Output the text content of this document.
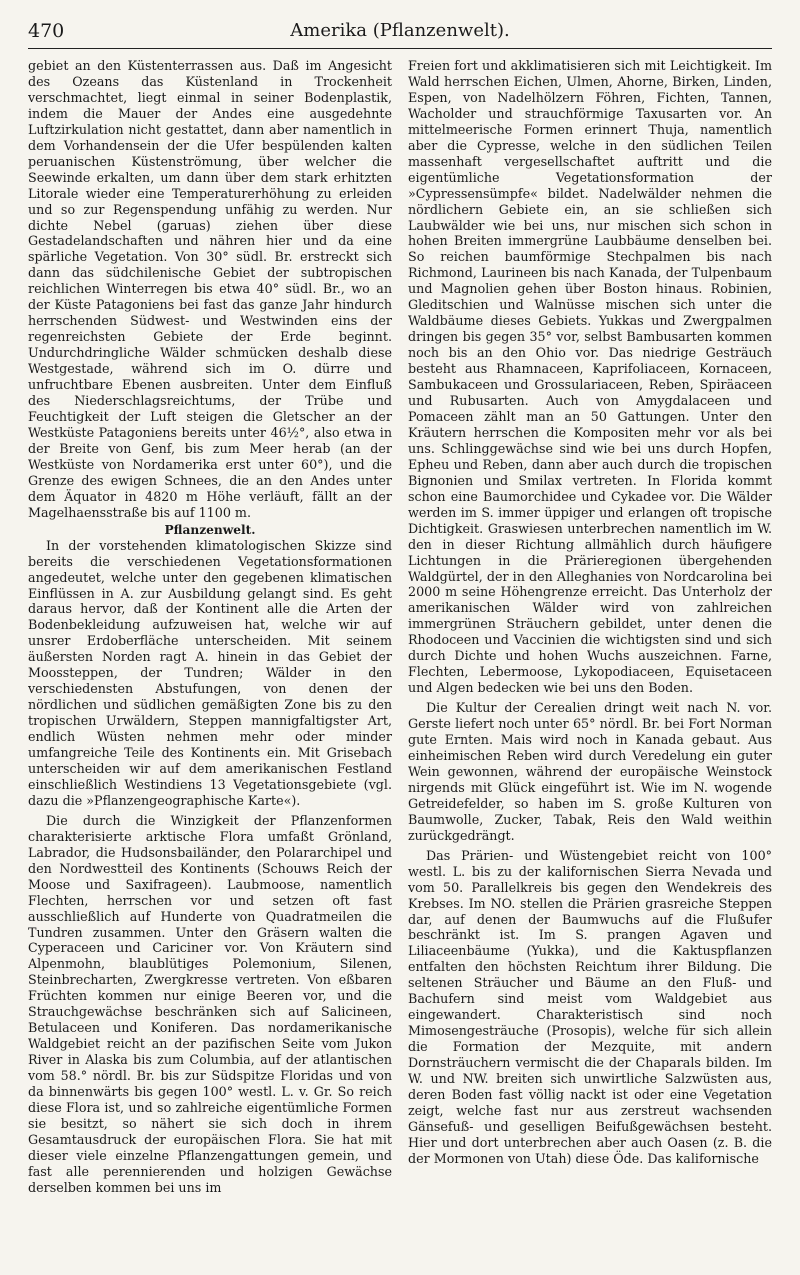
470	Amerika (Pflanzenwelt).

gebiet an den Küstenterrassen aus. Daß im Angesicht des Ozeans das Küstenland in Trockenheit verschmachtet, liegt einmal in seiner Bodenplastik, indem die Mauer der Andes eine ausgedehnte Luftzirkulation nicht gestattet, dann aber namentlich in dem Vorhandensein der die Ufer bespülenden kalten peruanischen Küstenströmung, über welcher die Seewinde erkalten, um dann über dem stark erhitzten Litorale wieder eine Temperaturerhöhung zu erleiden und so zur Regenspendung unfähig zu werden. Nur dichte Nebel (garuas) ziehen über diese Gestadelandschaften und nähren hier und da eine spärliche Vegetation. Von 30° südl. Br. erstreckt sich dann das südchilenische Gebiet der subtropischen reichlichen Winterregen bis etwa 40° südl. Br., wo an der Küste Patagoniens bei fast das ganze Jahr hindurch herrschenden Südwest- und Westwinden eins der regenreichsten Gebiete der Erde beginnt. Undurchdringliche Wälder schmücken deshalb diese Westgestade, während sich im O. dürre und unfruchtbare Ebenen ausbreiten. Unter dem Einfluß des Niederschlagsreichtums, der Trübe und Feuchtigkeit der Luft steigen die Gletscher an der Westküste Patagoniens bereits unter 46½°, also etwa in der Breite von Genf, bis zum Meer herab (an der Westküste von Nordamerika erst unter 60°), und die Grenze des ewigen Schnees, die an den Andes unter dem Äquator in 4820 m Höhe verläuft, fällt an der Magelhaensstraße bis auf 1100 m.

Pflanzenwelt.

In der vorstehenden klimatologischen Skizze sind bereits die verschiedenen Vegetationsformationen angedeutet, welche unter den gegebenen klimatischen Einflüssen in A. zur Ausbildung gelangt sind. Es geht daraus hervor, daß der Kontinent alle die Arten der Bodenbekleidung aufzuweisen hat, welche wir auf unsrer Erdoberfläche unterscheiden. Mit seinem äußersten Norden ragt A. hinein in das Gebiet der Moossteppen, der Tundren; Wälder in den verschiedensten Abstufungen, von denen der nördlichen und südlichen gemäßigten Zone bis zu den tropischen Urwäldern, Steppen mannigfaltigster Art, endlich Wüsten nehmen mehr oder minder umfangreiche Teile des Kontinents ein. Mit Grisebach unterscheiden wir auf dem amerikanischen Festland einschließlich Westindiens 13 Vegetationsgebiete (vgl. dazu die »Pflanzengeographische Karte«).

Die durch die Winzigkeit der Pflanzenformen charakterisierte arktische Flora umfaßt Grönland, Labrador, die Hudsonsbailänder, den Polararchipel und den Nordwestteil des Kontinents (Schouws Reich der Moose und Saxifrageen). Laubmoose, namentlich Flechten, herrschen vor und setzen oft fast ausschließlich auf Hunderte von Quadratmeilen die Tundren zusammen. Unter den Gräsern walten die Cyperaceen und Cariciner vor. Von Kräutern sind Alpenmohn, blaublütiges Polemonium, Silenen, Steinbrecharten, Zwergkresse vertreten. Von eßbaren Früchten kommen nur einige Beeren vor, und die Strauchgewächse beschränken sich auf Salicineen, Betulaceen und Koniferen. Das nordamerikanische Waldgebiet reicht an der pazifischen Seite vom Jukon River in Alaska bis zum Columbia, auf der atlantischen vom 58.° nördl. Br. bis zur Südspitze Floridas und von da binnenwärts bis gegen 100° westl. L. v. Gr. So reich diese Flora ist, und so zahlreiche eigentümliche Formen sie besitzt, so nähert sie sich doch in ihrem Gesamtausdruck der europäischen Flora. Sie hat mit dieser viele einzelne Pflanzengattungen gemein, und fast alle perennierenden und holzigen Gewächse derselben kommen bei uns im

Freien fort und akklimatisieren sich mit Leichtigkeit. Im Wald herrschen Eichen, Ulmen, Ahorne, Birken, Linden, Espen, von Nadelhölzern Föhren, Fichten, Tannen, Wacholder und strauchförmige Taxusarten vor. An mittelmeerische Formen erinnert Thuja, namentlich aber die Cypresse, welche in den südlichen Teilen massenhaft vergesellschaftet auftritt und die eigentümliche Vegetationsformation der »Cypressensümpfe« bildet. Nadelwälder nehmen die nördlichern Gebiete ein, an sie schließen sich Laubwälder wie bei uns, nur mischen sich schon in hohen Breiten immergrüne Laubbäume denselben bei. So reichen baumförmige Stechpalmen bis nach Richmond, Laurineen bis nach Kanada, der Tulpenbaum und Magnolien gehen über Boston hinaus. Robinien, Gleditschien und Walnüsse mischen sich unter die Waldbäume dieses Gebiets. Yukkas und Zwergpalmen dringen bis gegen 35° vor, selbst Bambusarten kommen noch bis an den Ohio vor. Das niedrige Gesträuch besteht aus Rhamnaceen, Kaprifoliaceen, Kornaceen, Sambukaceen und Grossulariaceen, Reben, Spiräaceen und Rubusarten. Auch von Amygdalaceen und Pomaceen zählt man an 50 Gattungen. Unter den Kräutern herrschen die Kompositen mehr vor als bei uns. Schlinggewächse sind wie bei uns durch Hopfen, Epheu und Reben, dann aber auch durch die tropischen Bignonien und Smilax vertreten. In Florida kommt schon eine Baumorchidee und Cykadee vor. Die Wälder werden im S. immer üppiger und erlangen oft tropische Dichtigkeit. Graswiesen unterbrechen namentlich im W. den in dieser Richtung allmählich durch häufigere Lichtungen in die Prärieregionen übergehenden Waldgürtel, der in den Alleghanies von Nordcarolina bei 2000 m seine Höhengrenze erreicht. Das Unterholz der amerikanischen Wälder wird von zahlreichen immergrünen Sträuchern gebildet, unter denen die Rhodoceen und Vaccinien die wichtigsten sind und sich durch Dichte und hohen Wuchs auszeichnen. Farne, Flechten, Lebermoose, Lykopodiaceen, Equisetaceen und Algen bedecken wie bei uns den Boden.

Die Kultur der Cerealien dringt weit nach N. vor. Gerste liefert noch unter 65° nördl. Br. bei Fort Norman gute Ernten. Mais wird noch in Kanada gebaut. Aus einheimischen Reben wird durch Veredelung ein guter Wein gewonnen, während der europäische Weinstock nirgends mit Glück eingeführt ist. Wie im N. wogende Getreidefelder, so haben im S. große Kulturen von Baumwolle, Zucker, Tabak, Reis den Wald weithin zurückgedrängt.

Das Prärien- und Wüstengebiet reicht von 100° westl. L. bis zu der kalifornischen Sierra Nevada und vom 50. Parallelkreis bis gegen den Wendekreis des Krebses. Im NO. stellen die Prärien grasreiche Steppen dar, auf denen der Baumwuchs auf die Flußufer beschränkt ist. Im S. prangen Agaven und Liliaceenbäume (Yukka), und die Kaktuspflanzen entfalten den höchsten Reichtum ihrer Bildung. Die seltenen Sträucher und Bäume an den Fluß- und Bachufern sind meist vom Waldgebiet aus eingewandert. Charakteristisch sind noch Mimosengesträuche (Prosopis), welche für sich allein die Formation der Mezquite, mit andern Dornsträuchern vermischt die der Chaparals bilden. Im W. und NW. breiten sich unwirtliche Salzwüsten aus, deren Boden fast völlig nackt ist oder eine Vegetation zeigt, welche fast nur aus zerstreut wachsenden Gänsefuß- und geselligen Beifußgewächsen besteht. Hier und dort unterbrechen aber auch Oasen (z. B. die der Mormonen von Utah) diese Öde. Das kalifornische
